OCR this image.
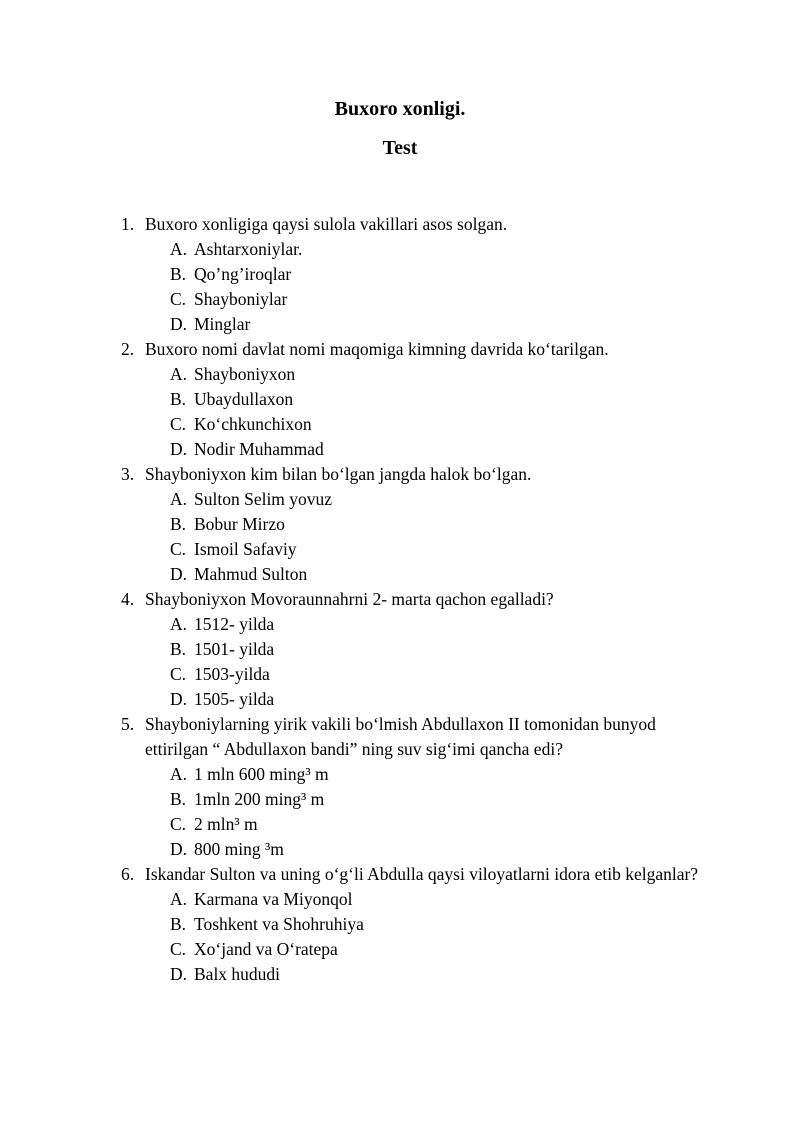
Buxoro xonligi.
Test
1. Buxoro xonligiga qaysi sulola vakillari asos solgan.
A. Ashtarxoniylar.
B. Qo’ng’iroqlar
C. Shayboniylar
D. Minglar
2. Buxoro nomi davlat nomi maqomiga kimning davrida ko‘tarilgan.
A. Shayboniyxon
B. Ubaydullaxon
C. Ko‘chkunchixon
D. Nodir Muhammad
3. Shayboniyxon kim bilan bo‘lgan jangda halok bo‘lgan.
A. Sulton Selim yovuz
B. Bobur Mirzo
C. Ismoil Safaviy
D. Mahmud Sulton
4. Shayboniyxon Movoraunnahrni 2- marta qachon egalladi?
A. 1512- yilda
B. 1501- yilda
C. 1503-yilda
D. 1505- yilda
5. Shayboniylarning yirik vakili bo‘lmish Abdullaxon II tomonidan bunyod ettirilgan “ Abdullaxon bandi” ning suv sig‘imi qancha edi?
A. 1 mln 600 ming³ m
B. 1mln 200 ming³ m
C. 2 mln³ m
D. 800 ming ³m
6. Iskandar Sulton va uning o‘g‘li Abdulla qaysi viloyatlarni idora etib kelganlar?
A. Karmana va Miyonqol
B. Toshkent va Shohruhiya
C. Xo‘jand va O‘ratepa
D. Balx hududi
